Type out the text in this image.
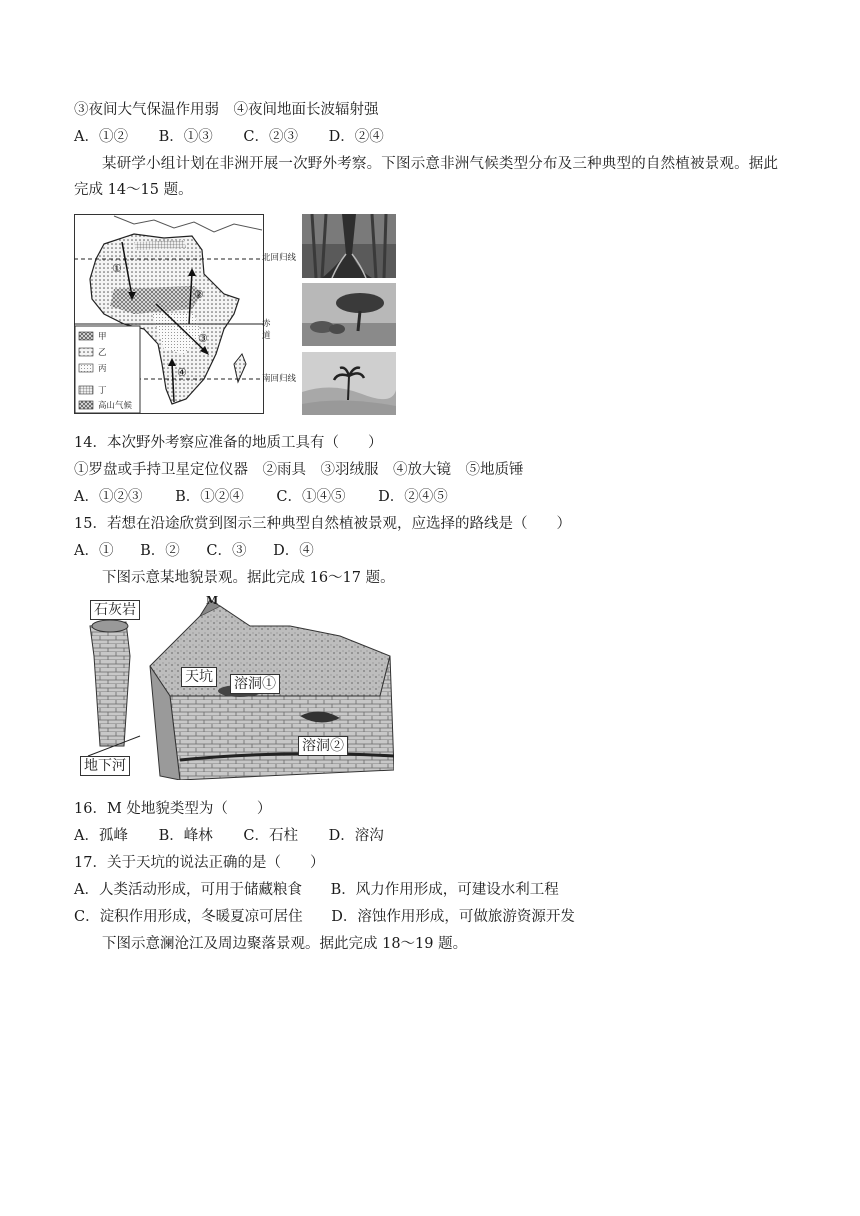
③夜间大气保温作用弱　④夜间地面长波辐射强
A．①② B．①③ C．②③ D．②④
某研学小组计划在非洲开展一次野外考察。下图示意非洲气候类型分布及三种典型的自然植被景观。据此
完成 14～15 题。
北回归线
赤道
南回归线
①
②
③
④
甲
乙
丙
丁
高山气候
14．本次野外考察应准备的地质工具有（　　）
①罗盘或手持卫星定位仪器　②雨具　③羽绒服　④放大镜　⑤地质锤
A．①②③ B．①②④ C．①④⑤ D．②④⑤
15．若想在沿途欣赏到图示三种典型自然植被景观，应选择的路线是（　　）
A．① B．② C．③ D．④
下图示意某地貌景观。据此完成 16～17 题。
石灰岩
M
天坑 溶洞①
溶洞②
地下河
16．M 处地貌类型为（　　）
A．孤峰 B．峰林 C．石柱 D．溶沟
17．关于天坑的说法正确的是（　　）
A．人类活动形成，可用于储藏粮食 B．风力作用形成，可建设水利工程
C．淀积作用形成，冬暖夏凉可居住 D．溶蚀作用形成，可做旅游资源开发
下图示意澜沧江及周边聚落景观。据此完成 18～19 题。
